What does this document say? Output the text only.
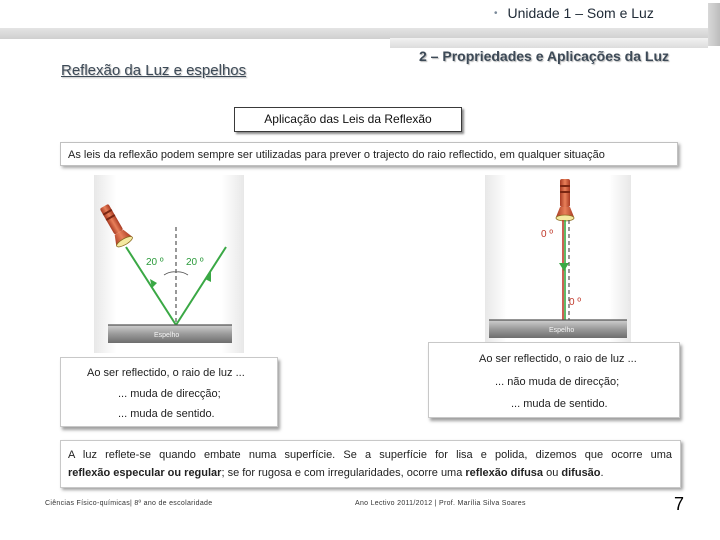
• Unidade 1 – Som e Luz
2 – Propriedades e Aplicações da Luz
Reflexão da Luz e espelhos
Aplicação das Leis da Reflexão
As leis da reflexão podem sempre ser utilizadas para prever o trajecto do raio reflectido, em qualquer situação
20 º 20 º
Espelho
0 º
0 º
Espelho
Ao ser reflectido, o raio de luz ...
... muda de direcção;
... muda de sentido.
Ao ser reflectido, o raio de luz ...
... não muda de direcção;
... muda de sentido.
A luz reflete-se quando embate numa superfície. Se a superfície for lisa e polida, dizemos que ocorre uma
reflexão especular ou regular; se for rugosa e com irregularidades, ocorre uma reflexão difusa ou difusão.
Ciências Físico-químicas| 8º ano de escolaridade	Ano Lectivo 2011/2012 | Prof. Marília Silva Soares	7
